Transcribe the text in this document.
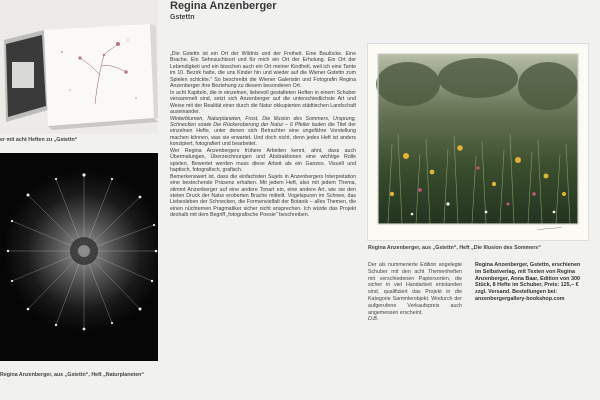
er mit acht Heften zu „Gstettn“
Regina Anzenberger, aus „Gstettn“, Heft „Naturplaneten“
Regina Anzenberger
Gstettn

„Die Gstettn ist ein Ort der Wildnis und der Freiheit. Eine Baulücke. Eine Brache. Ein Sehnsuchtsort und für mich ein Ort der Erholung. Ein Ort der Lebendigkeit und ein bisschen auch ein Ort meiner Kindheit, weil ich eine Tante im 10. Bezirk hatte, die uns Kinder hin und wieder auf die Wiener Gstettn zum Spielen schickte.“ So beschreibt die Wiener Galeristin und Fotografin Regina Anzenberger ihre Beziehung zu diesem besonderen Ort.

In acht Kapiteln, die in einzelnen, liebevoll gestalteten Heften in einem Schuber versammelt sind, setzt sich Anzenberger auf die unterschiedlichste Art und Weise mit der Realität einer durch die Natur okkupierten städtischen Landschaft auseinander.

Winterblumen, Naturplaneten, Frost, Die Illusion des Sommers, Ursprung, Schnecken sowie Die Rückeroberung der Natur – 6 Pfeiler lauten die Titel der einzelnen Hefte, unter denen sich Betrachter eine ungefähre Vorstellung machen können, was sie erwartet. Und doch nicht, denn jedes Heft ist anders konzipiert, fotografiert und bearbeitet.

Wer Regina Anzenbergers frühere Arbeiten kennt, ahnt, dass auch Übermalungen, Überzeichnungen und Abstraktionen eine wichtige Rolle spielen. Bewertet werden muss diese Arbeit als ein Ganzes. Visuell und haptisch, fotografisch, grafisch.

Bemerkenswert ist, dass die einfachsten Sujets in Anzenbergers Interpretation eine bestechende Präsenz erhalten. Mit jedem Heft, also mit jedem Thema, stimmt Anzenberger auf eine andere Tonart ein, eine andere Art, wie sie den steten Druck der Natur eroberten Brache mitteilt. Vogelspuren im Schnee, das Liebesleben der Schnecken, die Formenvielfalt der Botanik – alles Themen, die einen nüchternen Pragmatiker sicher nicht ansprechen. Ich würde das Projekt deshalb mit dem Begriff „fotografische Poesie“ beschreiben.

Regina Anzenberger, aus „Gstettn“, Heft „Die Illusion des Sommers“

Der als nummerierte Edition angelegte Schuber mit den acht Themenheften mit verschiedenen Papiersorten, die sicher in viel Handarbeit entstanden sind, qualifiziert das Projekt in die Kategorie Sammlerobjekt. Wodurch der aufgerufene Verkaufspreis auch angemessen erscheint.

D.B.

Regina Anzenberger, Gstettn, erschienen im Selbstverlag, mit Texten von Regina Anzenberger, Anna Baar, Edition von 300 Stück, 8 Hefte im Schuber, Preis: 125,– € zzgl. Versand. Bestellungen bei: anzenbergergallery-bookshop.com
